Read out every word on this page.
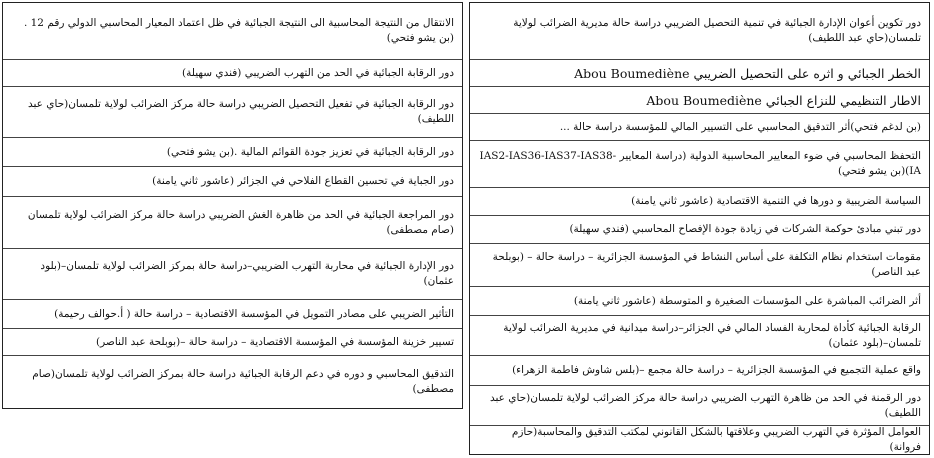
الانتقال من النتيجة المحاسبية الى النتيجة الجبائية في ظل اعتماد المعيار المحاسبي الدولي رقم 12 .(بن يشو فتحي)
دور الرقابة الجبائية في الحد من التهرب الضريبي (فندي سهيلة)
دور الرقابة الجبائية في تفعيل التحصيل الضريبي دراسة حالة مركز الضرائب لولاية تلمسان(حاي عبد اللطيف)
دور الرقابة الجبائية في تعزيز جودة القوائم المالية .(بن يشو فتحي)
دور الجباية في تحسين القطاع الفلاحي في الجزائر (عاشور ثاني يامنة)
دور المراجعة الجبائية في الحد من ظاهرة الغش الضريبي دراسة حالة مركز الضرائب لولاية تلمسان (صام مصطفى)
دور الإدارة الجبائية في محاربة التهرب الضريبي–دراسة حالة بمركز الضرائب لولاية تلمسان–(بلود عثمان)
التأثير الضريبي على مصادر التمويل في المؤسسة الاقتصادية – دراسة حالة ( أ.حوالف رحيمة)
تسيير خزينة المؤسسة في المؤسسة الاقتصادية – دراسة حالة –(بوبلحة عبد الناصر)
التدقيق المحاسبي و دوره في دعم الرقابة الجبائية دراسة حالة بمركز الضرائب لولاية تلمسان(صام مصطفى)
دور تكوين أعوان الإدارة الجبائية في تنمية التحصيل الضريبي دراسة حالة مديرية الضرائب لولاية تلمسان(حاي عبد اللطيف)
الخطر الجبائي و اثره على التحصيل الضريبي Abou Boumediène
الاطار التنظيمي للنزاع الجبائي Abou Boumediène
(بن لدغم فتحي)أثر التدقيق المحاسبي على التسيير المالي للمؤسسة دراسة حالة ...
التحفظ المحاسبي في ضوء المعايير المحاسبية الدولية (دراسة المعايير IAS2-IAS36-IAS37-IAS38-IA)(بن يشو فتحي)
السياسة الضريبية و دورها في التنمية الاقتصادية (عاشور ثاني يامنة)
دور تبني مبادئ حوكمة الشركات في زيادة جودة الإفصاح المحاسبي (فندي سهيلة)
مقومات استخدام نظام التكلفة على أساس النشاط في المؤسسة الجزائرية – دراسة حالة – (بوبلحة عبد الناصر)
أثر الضرائب المباشرة على المؤسسات الصغيرة و المتوسطة (عاشور ثاني يامنة)
الرقابة الجبائية كأداة لمحاربة الفساد المالي في الجزائر–دراسة ميدانية في مديرية الضرائب لولاية تلمسان–(بلود عثمان)
واقع عملية التجميع في المؤسسة الجزائرية – دراسة حالة مجمع –(بلس شاوش فاطمة الزهراء)
دور الرقمنة في الحد من ظاهرة التهرب الضريبي دراسة حالة مركز الضرائب لولاية تلمسان(حاي عبد اللطيف)
العوامل المؤثرة في التهرب الضريبي وعلاقتها بالشكل القانوني لمكتب التدقيق والمحاسبة(حازم فروانة)
